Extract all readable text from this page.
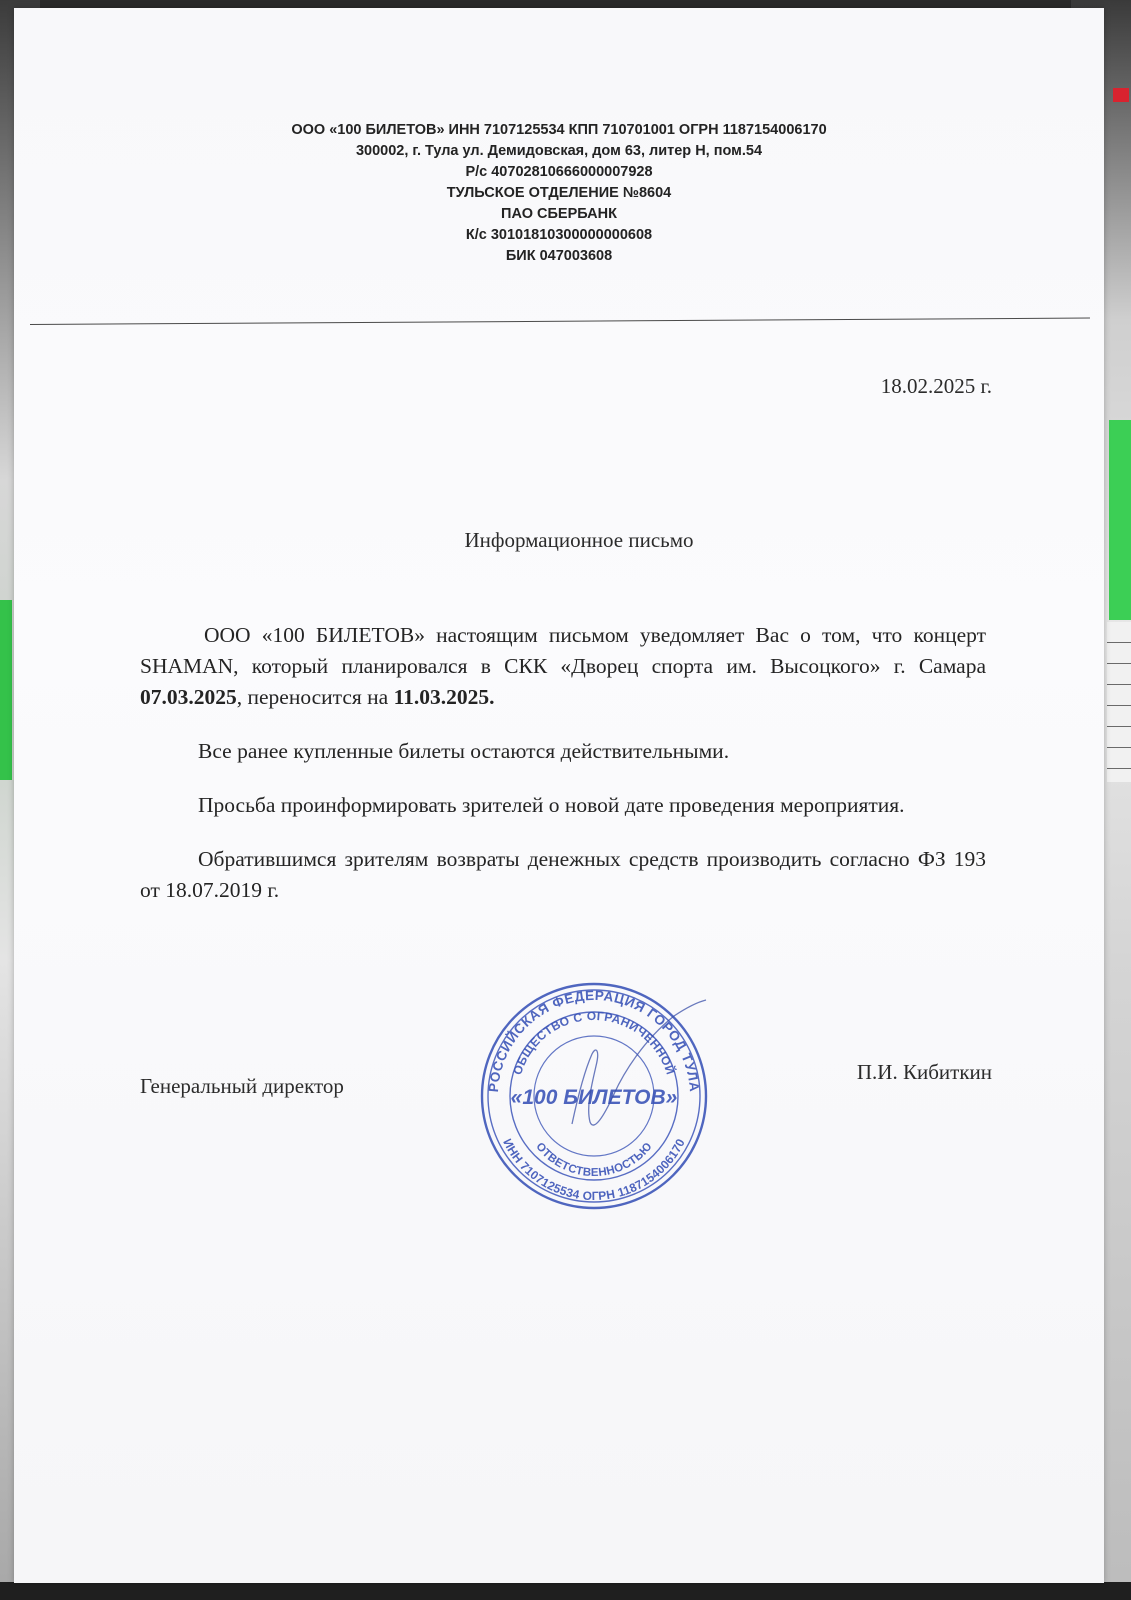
ООО «100 БИЛЕТОВ» ИНН 7107125534 КПП 710701001 ОГРН 1187154006170
300002, г. Тула ул. Демидовская, дом 63, литер Н, пом.54
Р/с 40702810666000007928
ТУЛЬСКОЕ ОТДЕЛЕНИЕ №8604
ПАО СБЕРБАНК
К/с 30101810300000000608
БИК 047003608
18.02.2025 г.
Информационное письмо

ООО «100 БИЛЕТОВ» настоящим письмом уведомляет Вас о том, что концерт SHAMAN, который планировался в СКК «Дворец спорта им. Высоцкого» г. Самара 07.03.2025, переносится на 11.03.2025.

Все ранее купленные билеты остаются действительными.

Просьба проинформировать зрителей о новой дате проведения мероприятия.

Обратившимся зрителям возвраты денежных средств производить согласно ФЗ 193 от 18.07.2019 г.

Генеральный директор
П.И. Кибиткин
РОССИЙСКАЯ ФЕДЕРАЦИЯ ГОРОД ТУЛА
ОБЩЕСТВО С ОГРАНИЧЕННОЙ
ОТВЕТСТВЕННОСТЬЮ
ИНН 7107125534 ОГРН 1187154006170
«100 БИЛЕТОВ»
